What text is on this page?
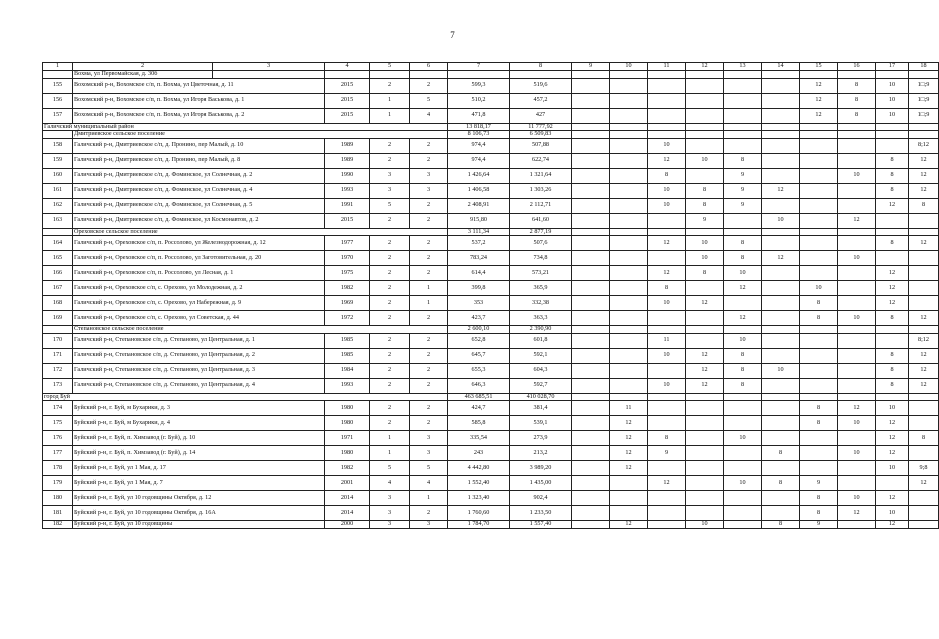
7
1	2	3	4	5	6	7	8	9	10	11	12	13	14	15	16	17	18
	Вохма, ул Первомайская, д. 30б																
155	Вохомский р-н, Вохомское с/п, п. Вохма, ул Цветочная, д. 11		2015	2	2	599,3	519,6							12	8	10	1□;9
156	Вохомский р-н, Вохомское с/п, п. Вохма, ул Игоря Васькова, д. 1		2015	1	5	510,2	457,2							12	8	10	1□;9
157	Вохомский р-н, Вохомское с/п, п. Вохма, ул Игоря Васькова, д. 2		2015	1	4	471,8	427							12	8	10	1□;9
Галичский муниципальный район						13 818,17	11 777,92										
	Дмитриевское сельское поселение					8 106,73	6 509,83										
158	Галичский р-н, Дмитриевское с/п, д. Пронино, пер Малый, д. 10		1989	2	2	974,4	507,88			10							8;12
159	Галичский р-н, Дмитриевское с/п, д. Пронино, пер Малый, д. 8		1989	2	2	974,4	622,74			12	10	8				8	12
160	Галичский р-н, Дмитриевское с/п, д. Фоминское, ул Солнечная, д. 2		1990	3	3	1 426,64	1 321,64			8		9			10	8	12
161	Галичский р-н, Дмитриевское с/п, д. Фоминское, ул Солнечная, д. 4		1993	3	3	1 406,58	1 303,26			10	8	9	12			8	12
162	Галичский р-н, Дмитриевское с/п, д. Фоминское, ул Солнечная, д. 5		1991	5	2	2 408,91	2 112,71			10	8	9				12	8
163	Галичский р-н, Дмитриевское с/п, д. Фоминское, ул Космонавтов, д. 2		2015	2	2	915,80	641,60				9		10		12		
	Ореховское сельское поселение					3 111,34	2 877,19										
164	Галичский р-н, Ореховское с/п, п. Россолово, ул Железнодорожная, д. 12		1977	2	2	537,2	507,6			12	10	8				8	12
165	Галичский р-н, Ореховское с/п, п. Россолово, ул Заготовительная, д. 20		1970	2	2	783,24	734,8				10	8	12		10		
166	Галичский р-н, Ореховское с/п, п. Россолово, ул Лесная, д. 1		1975	2	2	614,4	573,21			12	8	10				12	
167	Галичский р-н, Ореховское с/п, с. Орехово, ул Молодежная, д. 2		1982	2	1	399,8	365,9			8		12		10		12	
168	Галичский р-н, Ореховское с/п, с. Орехово, ул Набережная, д. 9		1969	2	1	353	332,38			10	12			8		12	
169	Галичский р-н, Ореховское с/п, с. Орехово, ул Советская, д. 44		1972	2	2	423,7	363,3					12		8	10	8	12
	Степановское сельское поселение					2 600,10	2 390,90										
170	Галичский р-н, Степановское с/п, д. Степаново, ул Центральная, д. 1		1985	2	2	652,8	601,8			11		10					8;12
171	Галичский р-н, Степановское с/п, д. Степаново, ул Центральная, д. 2		1985	2	2	645,7	592,1			10	12	8				8	12
172	Галичский р-н, Степановское с/п, д. Степаново, ул Центральная, д. 3		1984	2	2	655,3	604,3				12	8	10			8	12
173	Галичский р-н, Степановское с/п, д. Степаново, ул Центральная, д. 4		1993	2	2	646,3	592,7			10	12	8				8	12
город Буй						463 685,51	410 028,70										
174	Буйский р-н, г. Буй, м Бухарики, д. 3		1980	2	2	424,7	381,4		11					8	12	10	
175	Буйский р-н, г. Буй, м Бухарики, д. 4		1980	2	2	585,8	539,1		12					8	10	12	
176	Буйский р-н, г. Буй, п. Химзавод (г. Буй), д. 10		1971	1	3	335,54	273,9		12	8		10				12	8
177	Буйский р-н, г. Буй, п. Химзавод (г. Буй), д. 14		1980	1	3	243	213,2		12	9			8		10	12	
178	Буйский р-н, г. Буй, ул 1 Мая, д. 17		1982	5	5	4 442,80	3 989,20		12							10	9;8
179	Буйский р-н, г. Буй, ул 1 Мая, д. 7		2001	4	4	1 552,40	1 435,00			12		10	8	9			12
180	Буйский р-н, г. Буй, ул 10 годовщины Октября, д. 12		2014	3	1	1 323,40	902,4							8	10	12	
181	Буйский р-н, г. Буй, ул 10 годовщины Октября, д. 16А		2014	3	2	1 760,60	1 233,50							8	12	10	
182	Буйский р-н, г. Буй, ул 10 годовщины		2000	3	3	1 784,70	1 557,40		12		10		8	9		12	
